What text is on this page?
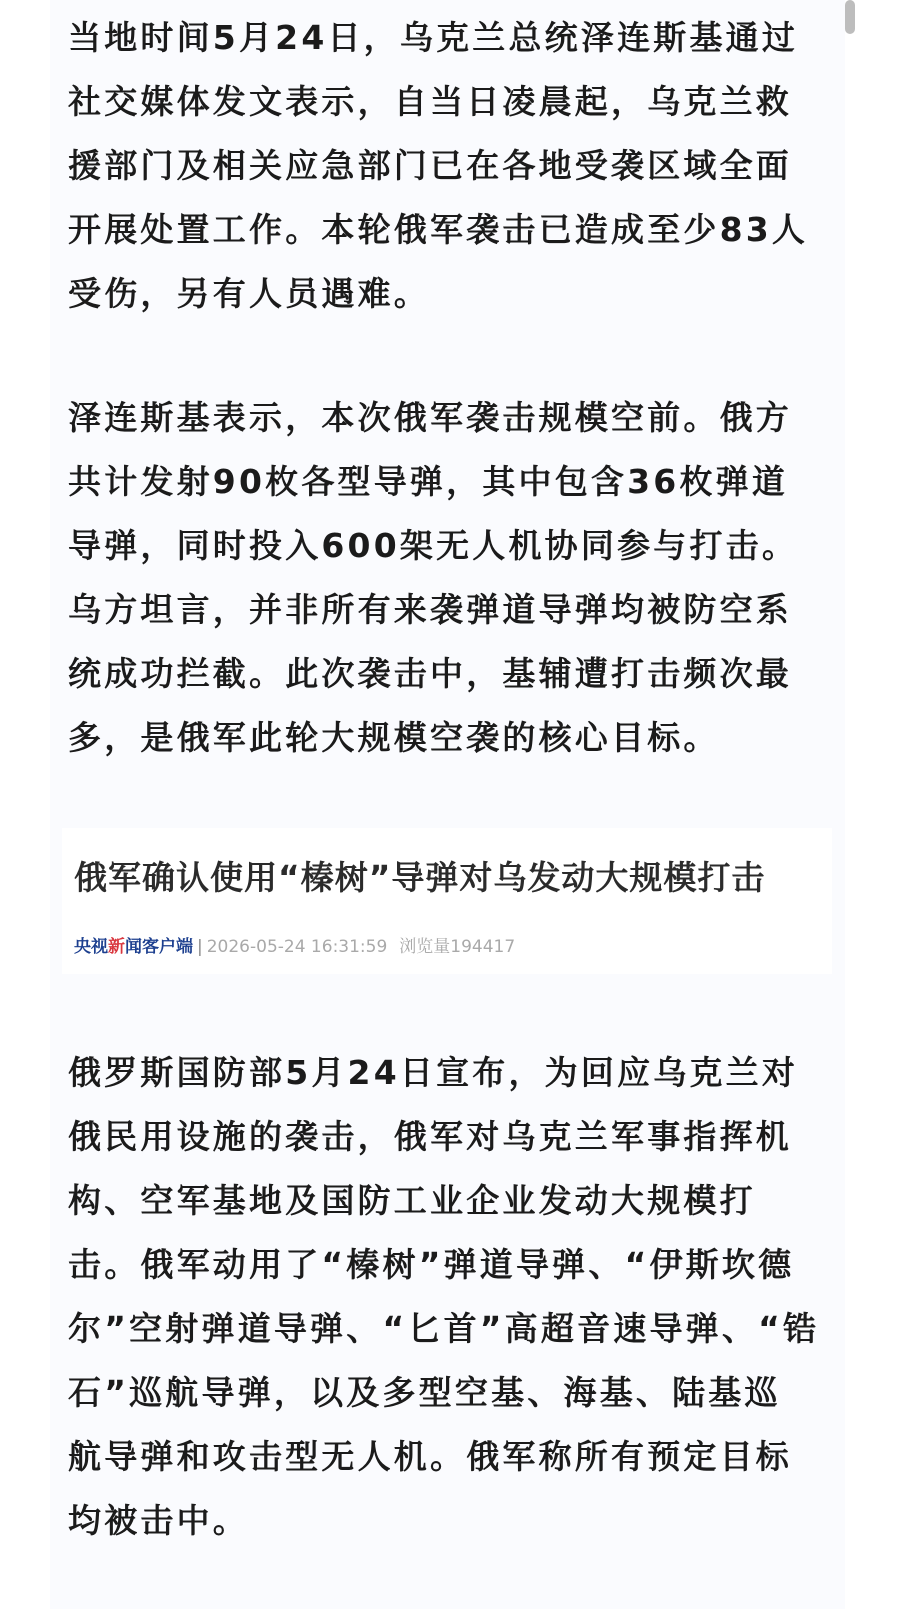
当地时间5月24日，乌克兰总统泽连斯基通过
社交媒体发文表示，自当日凌晨起，乌克兰救
援部门及相关应急部门已在各地受袭区域全面
开展处置工作。本轮俄军袭击已造成至少83人
受伤，另有人员遇难。

泽连斯基表示，本次俄军袭击规模空前。俄方
共计发射90枚各型导弹，其中包含36枚弹道
导弹，同时投入600架无人机协同参与打击。
乌方坦言，并非所有来袭弹道导弹均被防空系
统成功拦截。此次袭击中，基辅遭打击频次最
多，是俄军此轮大规模空袭的核心目标。

俄军确认使用“榛树”导弹对乌发动大规模打击
央视新闻客户端 | 2026-05-24 16:31:59 浏览量194417

俄罗斯国防部5月24日宣布，为回应乌克兰对
俄民用设施的袭击，俄军对乌克兰军事指挥机
构、空军基地及国防工业企业发动大规模打
击。俄军动用了“榛树”弹道导弹、“伊斯坎德
尔”空射弹道导弹、“匕首”高超音速导弹、“锆
石”巡航导弹，以及多型空基、海基、陆基巡
航导弹和攻击型无人机。俄军称所有预定目标
均被击中。
